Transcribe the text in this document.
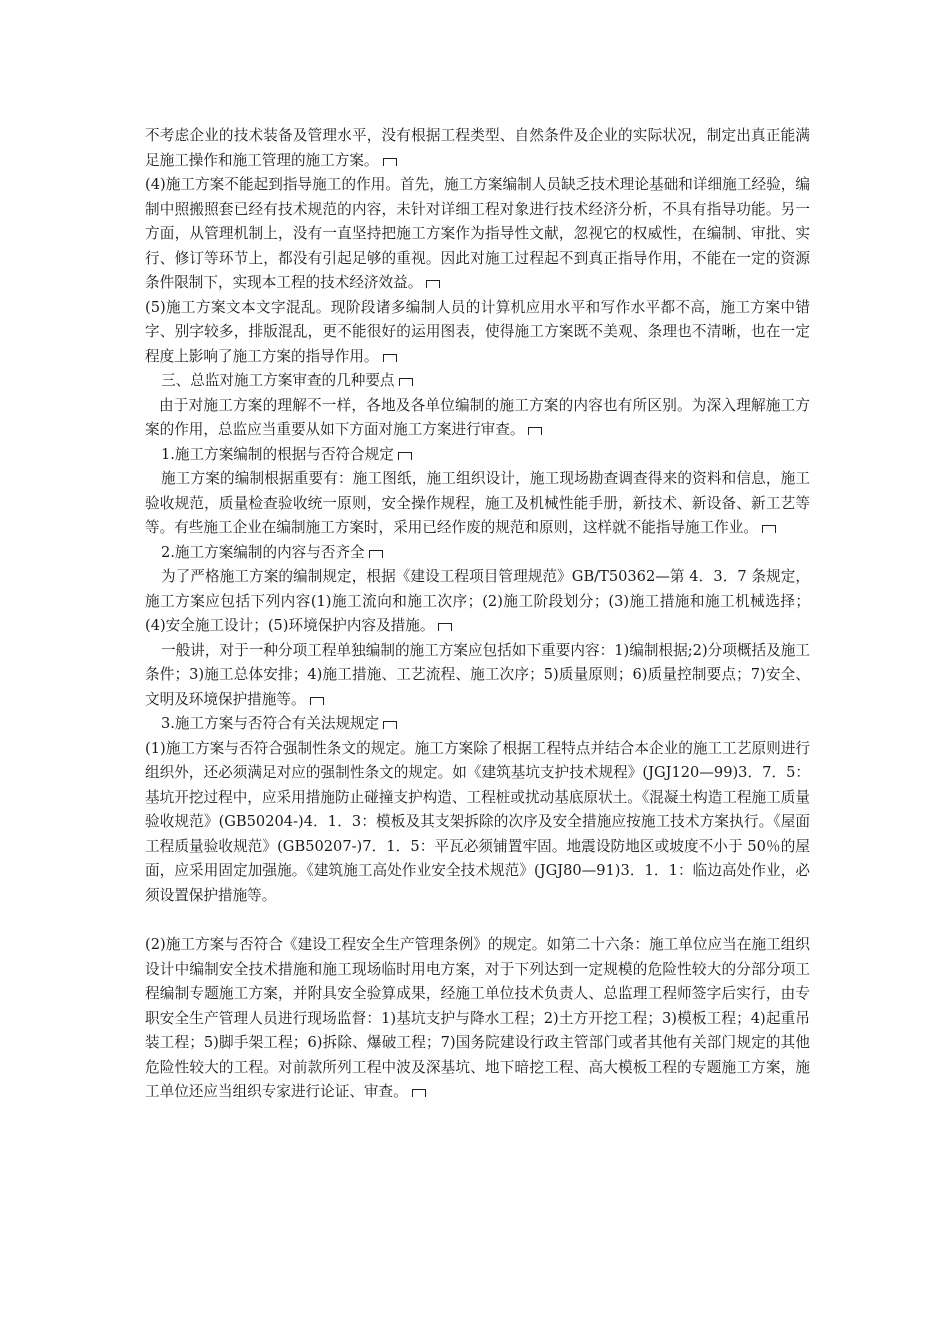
不考虑企业的技术装备及管理水平，没有根据工程类型、自然条件及企业的实际状况，制定出真正能满足施工操作和施工管理的施工方案。

(4)施工方案不能起到指导施工的作用。首先，施工方案编制人员缺乏技术理论基础和详细施工经验，编制中照搬照套已经有技术规范的内容，未针对详细工程对象进行技术经济分析，不具有指导功能。另一方面，从管理机制上，没有一直坚持把施工方案作为指导性文献，忽视它的权威性，在编制、审批、实行、修订等环节上，都没有引起足够的重视。因此对施工过程起不到真正指导作用，不能在一定的资源条件限制下，实现本工程的技术经济效益。

(5)施工方案文本文字混乱。现阶段诸多编制人员的计算机应用水平和写作水平都不高，施工方案中错字、别字较多，排版混乱，更不能很好的运用图表，使得施工方案既不美观、条理也不清晰，也在一定程度上影响了施工方案的指导作用。

三、总监对施工方案审查的几种要点

由于对施工方案的理解不一样，各地及各单位编制的施工方案的内容也有所区别。为深入理解施工方案的作用，总监应当重要从如下方面对施工方案进行审查。

1.施工方案编制的根据与否符合规定

施工方案的编制根据重要有：施工图纸，施工组织设计，施工现场勘查调查得来的资料和信息，施工验收规范，质量检查验收统一原则，安全操作规程，施工及机械性能手册，新技术、新设备、新工艺等等。有些施工企业在编制施工方案时，采用已经作废的规范和原则，这样就不能指导施工作业。

2.施工方案编制的内容与否齐全

为了严格施工方案的编制规定，根据《建设工程项目管理规范》GB/T50362—第 4．3．7 条规定，施工方案应包括下列内容(1)施工流向和施工次序；(2)施工阶段划分；(3)施工措施和施工机械选择；(4)安全施工设计；(5)环境保护内容及措施。

一般讲，对于一种分项工程单独编制的施工方案应包括如下重要内容：1)编制根据;2)分项概括及施工条件；3)施工总体安排；4)施工措施、工艺流程、施工次序；5)质量原则；6)质量控制要点；7)安全、文明及环境保护措施等。

3.施工方案与否符合有关法规规定

(1)施工方案与否符合强制性条文的规定。施工方案除了根据工程特点并结合本企业的施工工艺原则进行组织外，还必须满足对应的强制性条文的规定。如《建筑基坑支护技术规程》(JGJ120—99)3．7．5：基坑开挖过程中，应采用措施防止碰撞支护构造、工程桩或扰动基底原状土。《混凝土构造工程施工质量验收规范》(GB50204-)4．1．3：模板及其支架拆除的次序及安全措施应按施工技术方案执行。《屋面工程质量验收规范》(GB50207-)7．1．5：平瓦必须铺置牢固。地震设防地区或坡度不小于 50％的屋面，应采用固定加强施。《建筑施工高处作业安全技术规范》(JGJ80—91)3．1．1：临边高处作业，必须设置保护措施等。

(2)施工方案与否符合《建设工程安全生产管理条例》的规定。如第二十六条：施工单位应当在施工组织设计中编制安全技术措施和施工现场临时用电方案，对于下列达到一定规模的危险性较大的分部分项工程编制专题施工方案，并附具安全验算成果，经施工单位技术负责人、总监理工程师签字后实行，由专职安全生产管理人员进行现场监督：1)基坑支护与降水工程；2)土方开挖工程；3)模板工程；4)起重吊装工程；5)脚手架工程；6)拆除、爆破工程；7)国务院建设行政主管部门或者其他有关部门规定的其他危险性较大的工程。对前款所列工程中波及深基坑、地下暗挖工程、高大模板工程的专题施工方案，施工单位还应当组织专家进行论证、审查。
